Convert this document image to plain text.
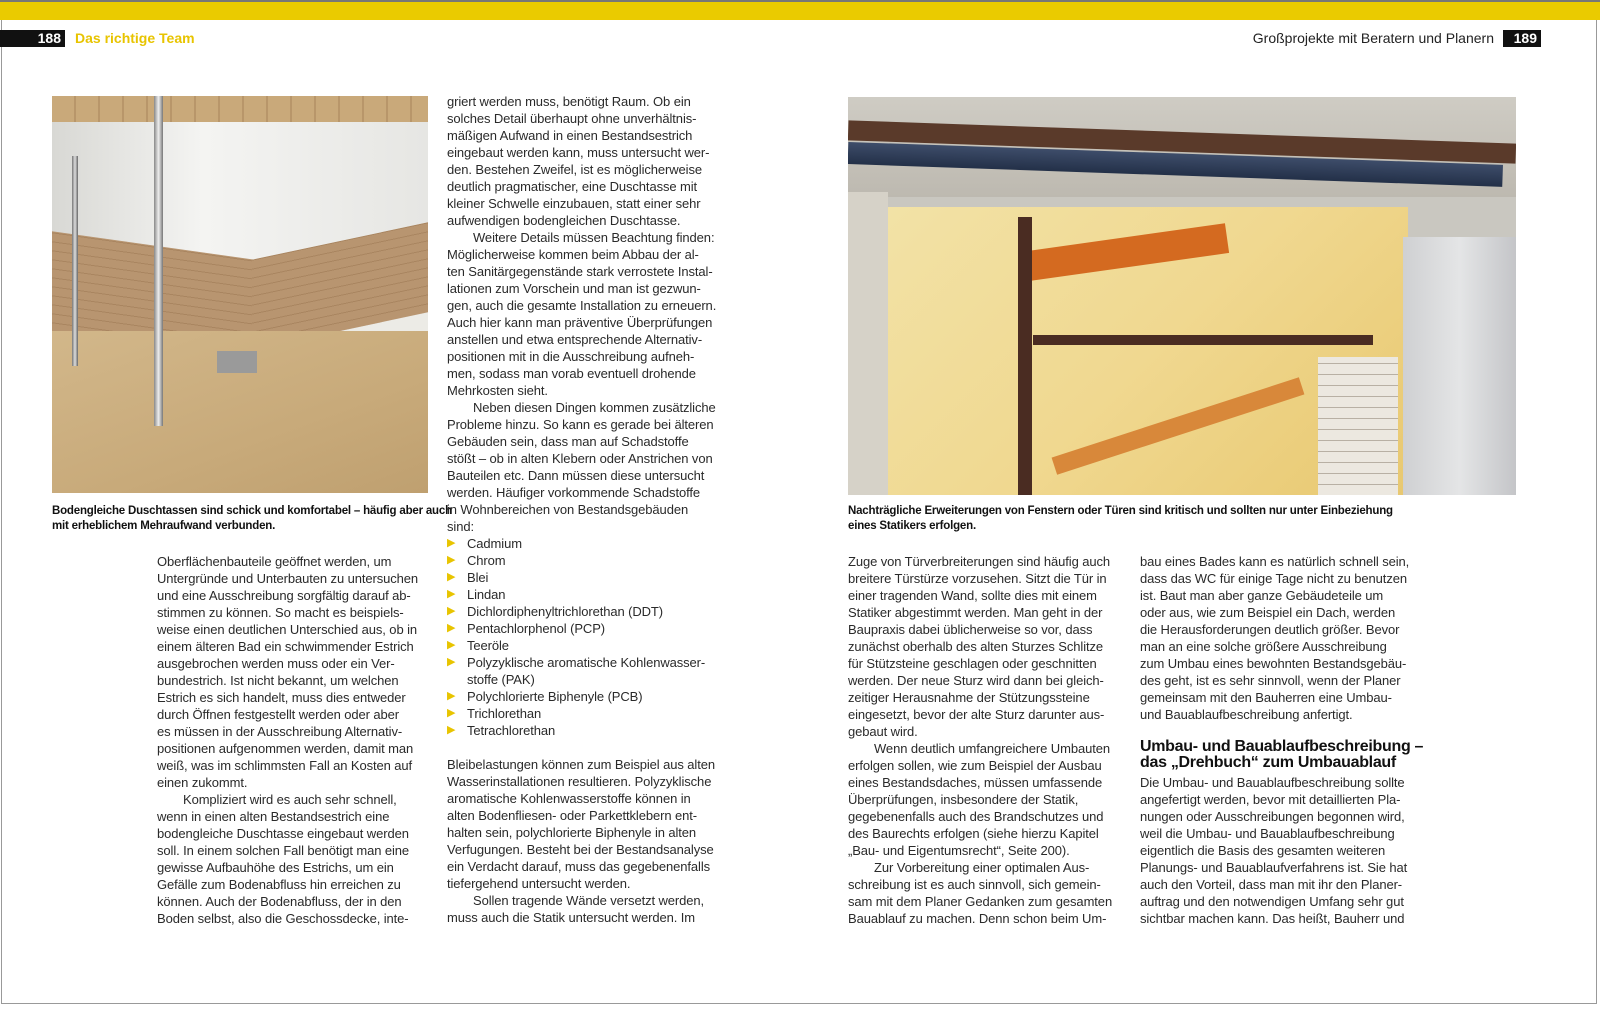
188 Das richtige Team	Großprojekte mit Beratern und Planern	189
Bodengleiche Duschtassen sind schick und komfortabel – häufig aber auch
mit erheblichem Mehraufwand verbunden.
Nachträgliche Erweiterungen von Fenstern oder Türen sind kritisch und sollten nur unter Einbeziehung
eines Statikers erfolgen.
Oberflächenbauteile geöffnet werden, um
Untergründe und Unterbauten zu untersuchen
und eine Ausschreibung sorgfältig darauf ab-
stimmen zu können. So macht es beispiels-
weise einen deutlichen Unterschied aus, ob in
einem älteren Bad ein schwimmender Estrich
ausgebrochen werden muss oder ein Ver-
bundestrich. Ist nicht bekannt, um welchen
Estrich es sich handelt, muss dies entweder
durch Öffnen festgestellt werden oder aber
es müssen in der Ausschreibung Alternativ-
positionen aufgenommen werden, damit man
weiß, was im schlimmsten Fall an Kosten auf
einen zukommt.
Kompliziert wird es auch sehr schnell,
wenn in einen alten Bestandsestrich eine
bodengleiche Duschtasse eingebaut werden
soll. In einem solchen Fall benötigt man eine
gewisse Aufbauhöhe des Estrichs, um ein
Gefälle zum Bodenabfluss hin erreichen zu
können. Auch der Bodenabfluss, der in den
Boden selbst, also die Geschossdecke, inte-
griert werden muss, benötigt Raum. Ob ein
solches Detail überhaupt ohne unverhältnis-
mäßigen Aufwand in einen Bestandsestrich
eingebaut werden kann, muss untersucht wer-
den. Bestehen Zweifel, ist es möglicherweise
deutlich pragmatischer, eine Duschtasse mit
kleiner Schwelle einzubauen, statt einer sehr
aufwendigen bodengleichen Duschtasse.
Weitere Details müssen Beachtung finden:
Möglicherweise kommen beim Abbau der al-
ten Sanitärgegenstände stark verrostete Instal-
lationen zum Vorschein und man ist gezwun-
gen, auch die gesamte Installation zu erneuern.
Auch hier kann man präventive Überprüfungen
anstellen und etwa entsprechende Alternativ-
positionen mit in die Ausschreibung aufneh-
men, sodass man vorab eventuell drohende
Mehrkosten sieht.
Neben diesen Dingen kommen zusätzliche
Probleme hinzu. So kann es gerade bei älteren
Gebäuden sein, dass man auf Schadstoffe
stößt – ob in alten Klebern oder Anstrichen von
Bauteilen etc. Dann müssen diese untersucht
werden. Häufiger vorkommende Schadstoffe
in Wohnbereichen von Bestandsgebäuden
sind:
▶ Cadmium
▶ Chrom
▶ Blei
▶ Lindan
▶ Dichlordiphenyltrichlorethan (DDT)
▶ Pentachlorphenol (PCP)
▶ Teeröle
▶ Polyzyklische aromatische Kohlenwasser-
stoffe (PAK)
▶ Polychlorierte Biphenyle (PCB)
▶ Trichlorethan
▶ Tetrachlorethan
Bleibelastungen können zum Beispiel aus alten
Wasserinstallationen resultieren. Polyzyklische
aromatische Kohlenwasserstoffe können in
alten Bodenfliesen- oder Parkettklebern ent-
halten sein, polychlorierte Biphenyle in alten
Verfugungen. Besteht bei der Bestandsanalyse
ein Verdacht darauf, muss das gegebenenfalls
tiefergehend untersucht werden.
Sollen tragende Wände versetzt werden,
muss auch die Statik untersucht werden. Im
Zuge von Türverbreiterungen sind häufig auch
breitere Türstürze vorzusehen. Sitzt die Tür in
einer tragenden Wand, sollte dies mit einem
Statiker abgestimmt werden. Man geht in der
Baupraxis dabei üblicherweise so vor, dass
zunächst oberhalb des alten Sturzes Schlitze
für Stützsteine geschlagen oder geschnitten
werden. Der neue Sturz wird dann bei gleich-
zeitiger Herausnahme der Stützungssteine
eingesetzt, bevor der alte Sturz darunter aus-
gebaut wird.
Wenn deutlich umfangreichere Umbauten
erfolgen sollen, wie zum Beispiel der Ausbau
eines Bestandsdaches, müssen umfassende
Überprüfungen, insbesondere der Statik,
gegebenenfalls auch des Brandschutzes und
des Baurechts erfolgen (siehe hierzu Kapitel
„Bau- und Eigentumsrecht“, Seite 200).
Zur Vorbereitung einer optimalen Aus-
schreibung ist es auch sinnvoll, sich gemein-
sam mit dem Planer Gedanken zum gesamten
Bauablauf zu machen. Denn schon beim Um-
bau eines Bades kann es natürlich schnell sein,
dass das WC für einige Tage nicht zu benutzen
ist. Baut man aber ganze Gebäudeteile um
oder aus, wie zum Beispiel ein Dach, werden
die Herausforderungen deutlich größer. Bevor
man an eine solche größere Ausschreibung
zum Umbau eines bewohnten Bestandsgebäu-
des geht, ist es sehr sinnvoll, wenn der Planer
gemeinsam mit den Bauherren eine Umbau-
und Bauablaufbeschreibung anfertigt.
Umbau- und Bauablaufbeschreibung –
das „Drehbuch“ zum Umbauablauf
Die Umbau- und Bauablaufbeschreibung sollte
angefertigt werden, bevor mit detaillierten Pla-
nungen oder Ausschreibungen begonnen wird,
weil die Umbau- und Bauablaufbeschreibung
eigentlich die Basis des gesamten weiteren
Planungs- und Bauablaufverfahrens ist. Sie hat
auch den Vorteil, dass man mit ihr den Planer-
auftrag und den notwendigen Umfang sehr gut
sichtbar machen kann. Das heißt, Bauherr und
